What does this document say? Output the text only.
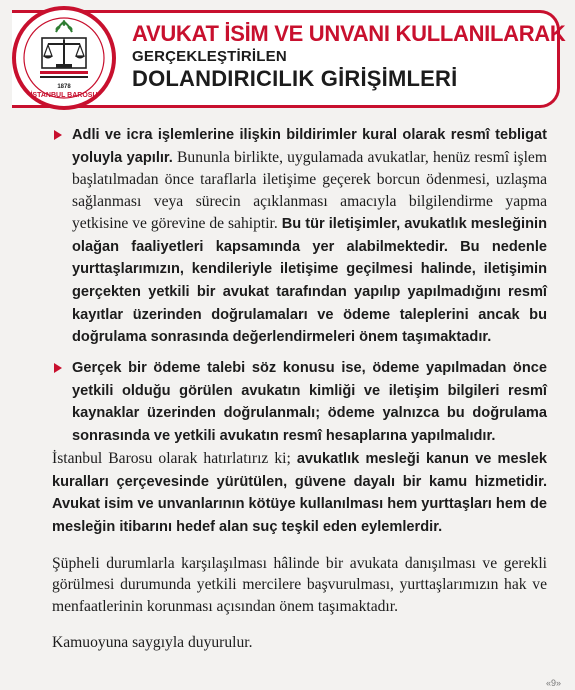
1878
İSTANBUL BAROSU
AVUKAT İSİM VE UNVANI KULLANILARAK
GERÇEKLEŞTİRİLEN
DOLANDIRICILIK GİRİŞİMLERİ

Adli ve icra işlemlerine ilişkin bildirimler kural olarak resmî tebligat yoluyla yapılır. Bununla birlikte, uygulamada avukatlar, henüz resmî işlem başlatılmadan önce taraflarla iletişime geçerek borcun ödenmesi, uzlaşma sağlanması veya sürecin açıklanması amacıyla bilgilendirme yapma yetkisine ve görevine de sahiptir. Bu tür iletişimler, avukatlık mesleğinin olağan faaliyetleri kapsamında yer alabilmektedir. Bu nedenle yurttaşlarımızın, kendileriyle iletişime geçilmesi halinde, iletişimin gerçekten yetkili bir avukat tarafından yapılıp yapılmadığını resmî kayıtlar üzerinden doğrulamaları ve ödeme taleplerini ancak bu doğrulama sonrasında değerlendirmeleri önem taşımaktadır.

Gerçek bir ödeme talebi söz konusu ise, ödeme yapılmadan önce yetkili olduğu görülen avukatın kimliği ve iletişim bilgileri resmî kaynaklar üzerinden doğrulanmalı; ödeme yalnızca bu doğrulama sonrasında ve yetkili avukatın resmî hesaplarına yapılmalıdır.

İstanbul Barosu olarak hatırlatırız ki; avukatlık mesleği kanun ve meslek kuralları çerçevesinde yürütülen, güvene dayalı bir kamu hizmetidir. Avukat isim ve unvanlarının kötüye kullanılması hem yurttaşları hem de mesleğin itibarını hedef alan suç teşkil eden eylemlerdir.

Şüpheli durumlarla karşılaşılması hâlinde bir avukata danışılması ve gerekli görülmesi durumunda yetkili mercilere başvurulması, yurttaşlarımızın hak ve menfaatlerinin korunması açısından önem taşımaktadır.

Kamuoyuna saygıyla duyurulur.

«9»
